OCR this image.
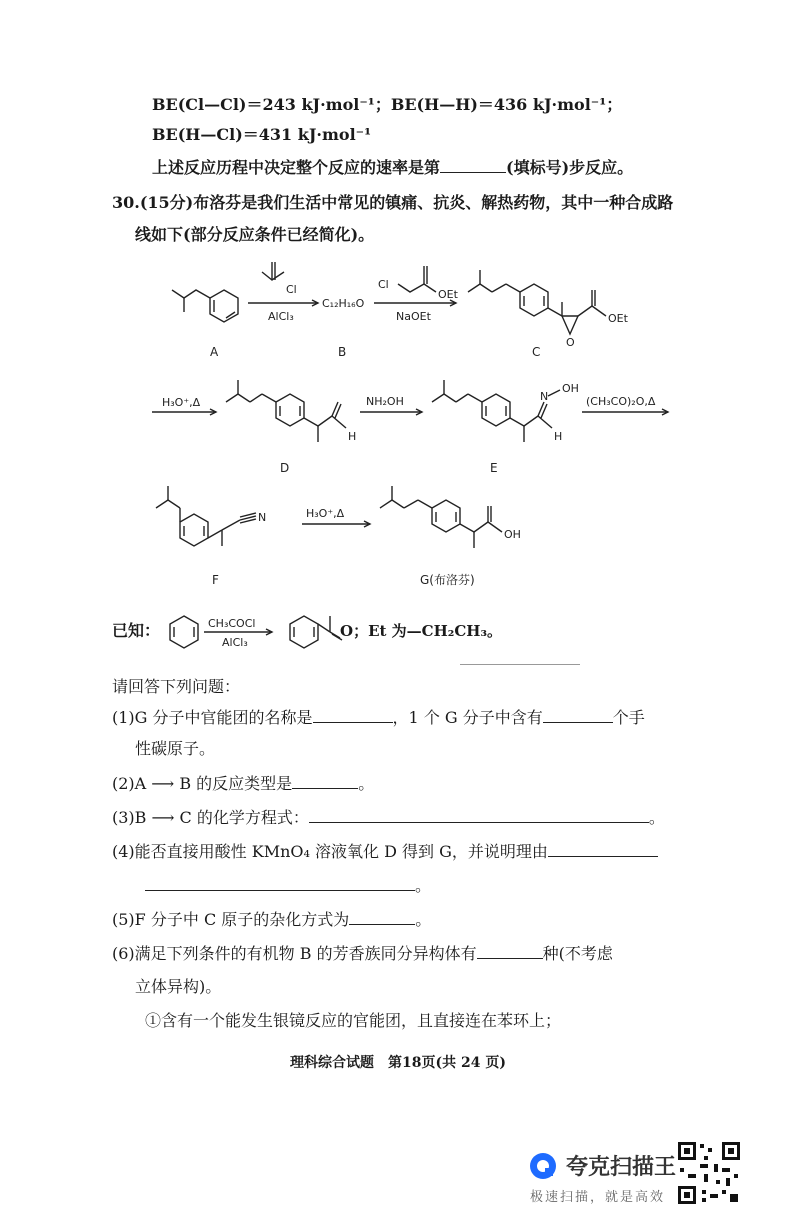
BE(Cl—Cl)＝243 kJ·mol⁻¹；BE(H—H)＝436 kJ·mol⁻¹；
BE(H—Cl)＝431 kJ·mol⁻¹
上述反应历程中决定整个反应的速率是第	(填标号)步反应。
30.(15分)布洛芬是我们生活中常见的镇痛、抗炎、解热药物，其中一种合成路
线如下(部分反应条件已经简化)。
A
Cl
AlCl₃
C₁₂H₁₆O
B
Cl
OEt
NaOEt
O
OEt
C
H₃O⁺,Δ
H
D
NH₂OH	N
OH
H
E
(CH₃CO)₂O,Δ
N
F
H₃O⁺,Δ
OH
G(布洛芬)
已知：	CH₃COCl
AlCl₃
O；Et 为—CH₂CH₃。
请回答下列问题：
(1)G 分子中官能团的名称是	，1 个 G 分子中含有	个手
性碳原子。
(2)A ⟶ B 的反应类型是	。
(3)B ⟶ C 的化学方程式：	。
(4)能否直接用酸性 KMnO₄ 溶液氧化 D 得到 G，并说明理由
。
(5)F 分子中 C 原子的杂化方式为	。
(6)满足下列条件的有机物 B 的芳香族同分异构体有	种(不考虑
立体异构)。
①含有一个能发生银镜反应的官能团，且直接连在苯环上；
理科综合试题　第18页(共 24 页)
夸克扫描王
极速扫描，就是高效
